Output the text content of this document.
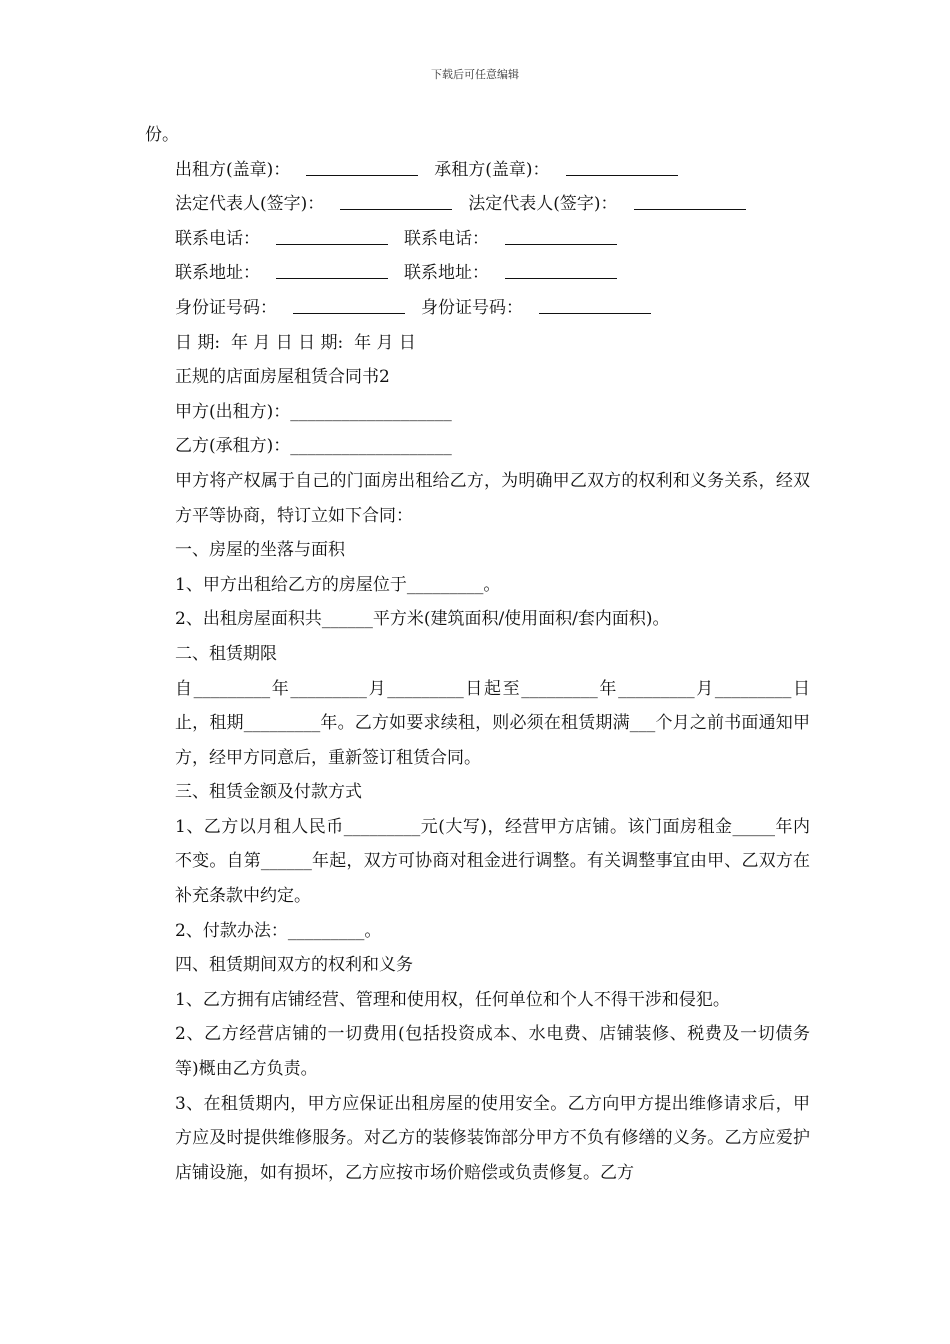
下载后可任意编辑

份。

出租方(盖章)：	承租方(盖章)：
法定代表人(签字)：	法定代表人(签字)：
联系电话：	联系电话：
联系地址：	联系地址：
身份证号码：	身份证号码：

日 期:  年 月 日 日 期:  年 月 日

正规的店面房屋租赁合同书2

甲方(出租方)：___________________

乙方(承租方)：___________________

甲方将产权属于自己的门面房出租给乙方，为明确甲乙双方的权利和义务关系，经双方平等协商，特订立如下合同：

一、房屋的坐落与面积

1、甲方出租给乙方的房屋位于_________。

2、出租房屋面积共______平方米(建筑面积/使用面积/套内面积)。

二、租赁期限

自_________年_________月_________日起至_________年_________月_________日止，租期_________年。乙方如要求续租，则必须在租赁期满___个月之前书面通知甲方，经甲方同意后，重新签订租赁合同。

三、租赁金额及付款方式

1、乙方以月租人民币_________元(大写)，经营甲方店铺。该门面房租金_____年内不变。自第______年起，双方可协商对租金进行调整。有关调整事宜由甲、乙双方在补充条款中约定。

2、付款办法：_________。

四、租赁期间双方的权利和义务

1、乙方拥有店铺经营、管理和使用权，任何单位和个人不得干涉和侵犯。

2、乙方经营店铺的一切费用(包括投资成本、水电费、店铺装修、税费及一切债务等)概由乙方负责。

3、在租赁期内，甲方应保证出租房屋的使用安全。乙方向甲方提出维修请求后，甲方应及时提供维修服务。对乙方的装修装饰部分甲方不负有修缮的义务。乙方应爱护店铺设施，如有损坏，乙方应按市场价赔偿或负责修复。乙方
